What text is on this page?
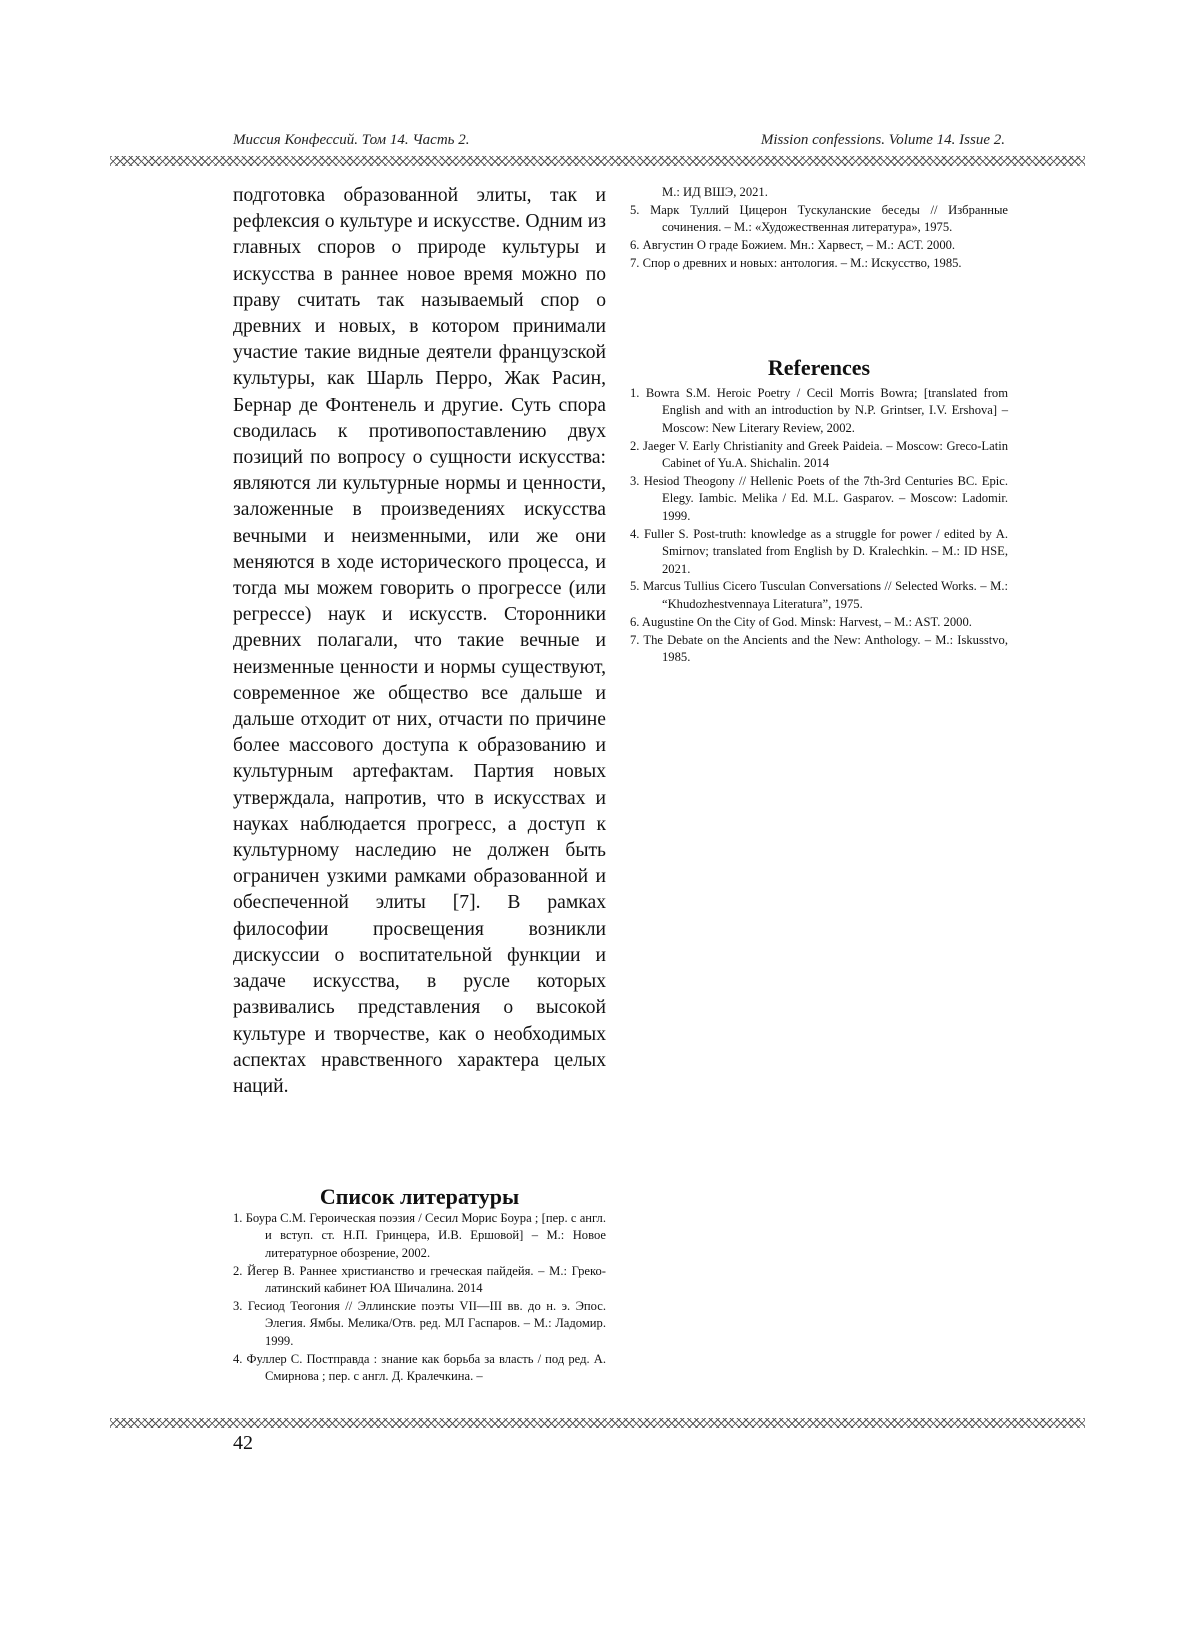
Миссия Конфессий. Том 14. Часть 2.	Mission confessions. Volume 14. Issue 2.

подготовка образованной элиты, так и рефлексия о культуре и искусстве. Одним из главных споров о природе культуры и искусства в раннее новое время можно по праву считать так называемый спор о древних и новых, в котором принимали участие такие видные деятели французской культуры, как Шарль Перро, Жак Расин, Бернар де Фонтенель и другие. Суть спора сводилась к противопоставлению двух позиций по вопросу о сущности искусства: являются ли культурные нормы и ценности, заложенные в произведениях искусства вечными и неизменными, или же они меняются в ходе исторического процесса, и тогда мы можем говорить о прогрессе (или регрессе) наук и искусств. Сторонники древних полагали, что такие вечные и неизменные ценности и нормы существуют, современное же общество все дальше и дальше отходит от них, отчасти по причине более массового доступа к образованию и культурным артефактам. Партия новых утверждала, напротив, что в искусствах и науках наблюдается прогресс, а доступ к культурному наследию не должен быть ограничен узкими рамками образованной и обеспеченной элиты [7]. В рамках философии просвещения возникли дискуссии о воспитательной функции и задаче искусства, в русле которых развивались представления о высокой культуре и творчестве, как о необходимых аспектах нравственного характера целых наций.

Список литературы
1. Боура С.М. Героическая поэзия / Сесил Морис Боура ; [пер. с англ. и вступ. ст. Н.П. Гринцера, И.В. Ершовой] – М.: Новое литературное обозрение, 2002.
2. Йегер В. Раннее христианство и греческая пайдейя. – М.: Греко-латинский кабинет ЮА Шичалина. 2014
3. Гесиод Теогония // Эллинские поэты VII—III вв. до н. э. Эпос. Элегия. Ямбы. Мелика/Отв. ред. МЛ Гаспаров. – М.: Ладомир. 1999.
4. Фуллер С. Постправда : знание как борьба за власть / под ред. А. Смирнова ; пер. с англ. Д. Кралечкина. –
М.: ИД ВШЭ, 2021.
5. Марк Туллий Цицерон Тускуланские беседы // Избранные сочинения. – М.: «Художественная литература», 1975.
6. Августин О граде Божием. Мн.: Харвест, – М.: АСТ. 2000.
7. Спор о древних и новых: антология. – М.: Искусство, 1985.
References
1. Bowra S.M. Heroic Poetry / Cecil Morris Bowra; [translated from English and with an introduction by N.P. Grintser, I.V. Ershova] – Moscow: New Literary Review, 2002.
2. Jaeger V. Early Christianity and Greek Paideia. – Moscow: Greco-Latin Cabinet of Yu.A. Shichalin. 2014
3. Hesiod Theogony // Hellenic Poets of the 7th-3rd Centuries BC. Epic. Elegy. Iambic. Melika / Ed. M.L. Gasparov. – Moscow: Ladomir. 1999.
4. Fuller S. Post-truth: knowledge as a struggle for power / edited by A. Smirnov; translated from English by D. Kralechkin. – M.: ID HSE, 2021.
5. Marcus Tullius Cicero Tusculan Conversations // Selected Works. – M.: “Khudozhestvennaya Literatura”, 1975.
6. Augustine On the City of God. Minsk: Harvest, – M.: AST. 2000.
7. The Debate on the Ancients and the New: Anthology. – M.: Iskusstvo, 1985.
42
